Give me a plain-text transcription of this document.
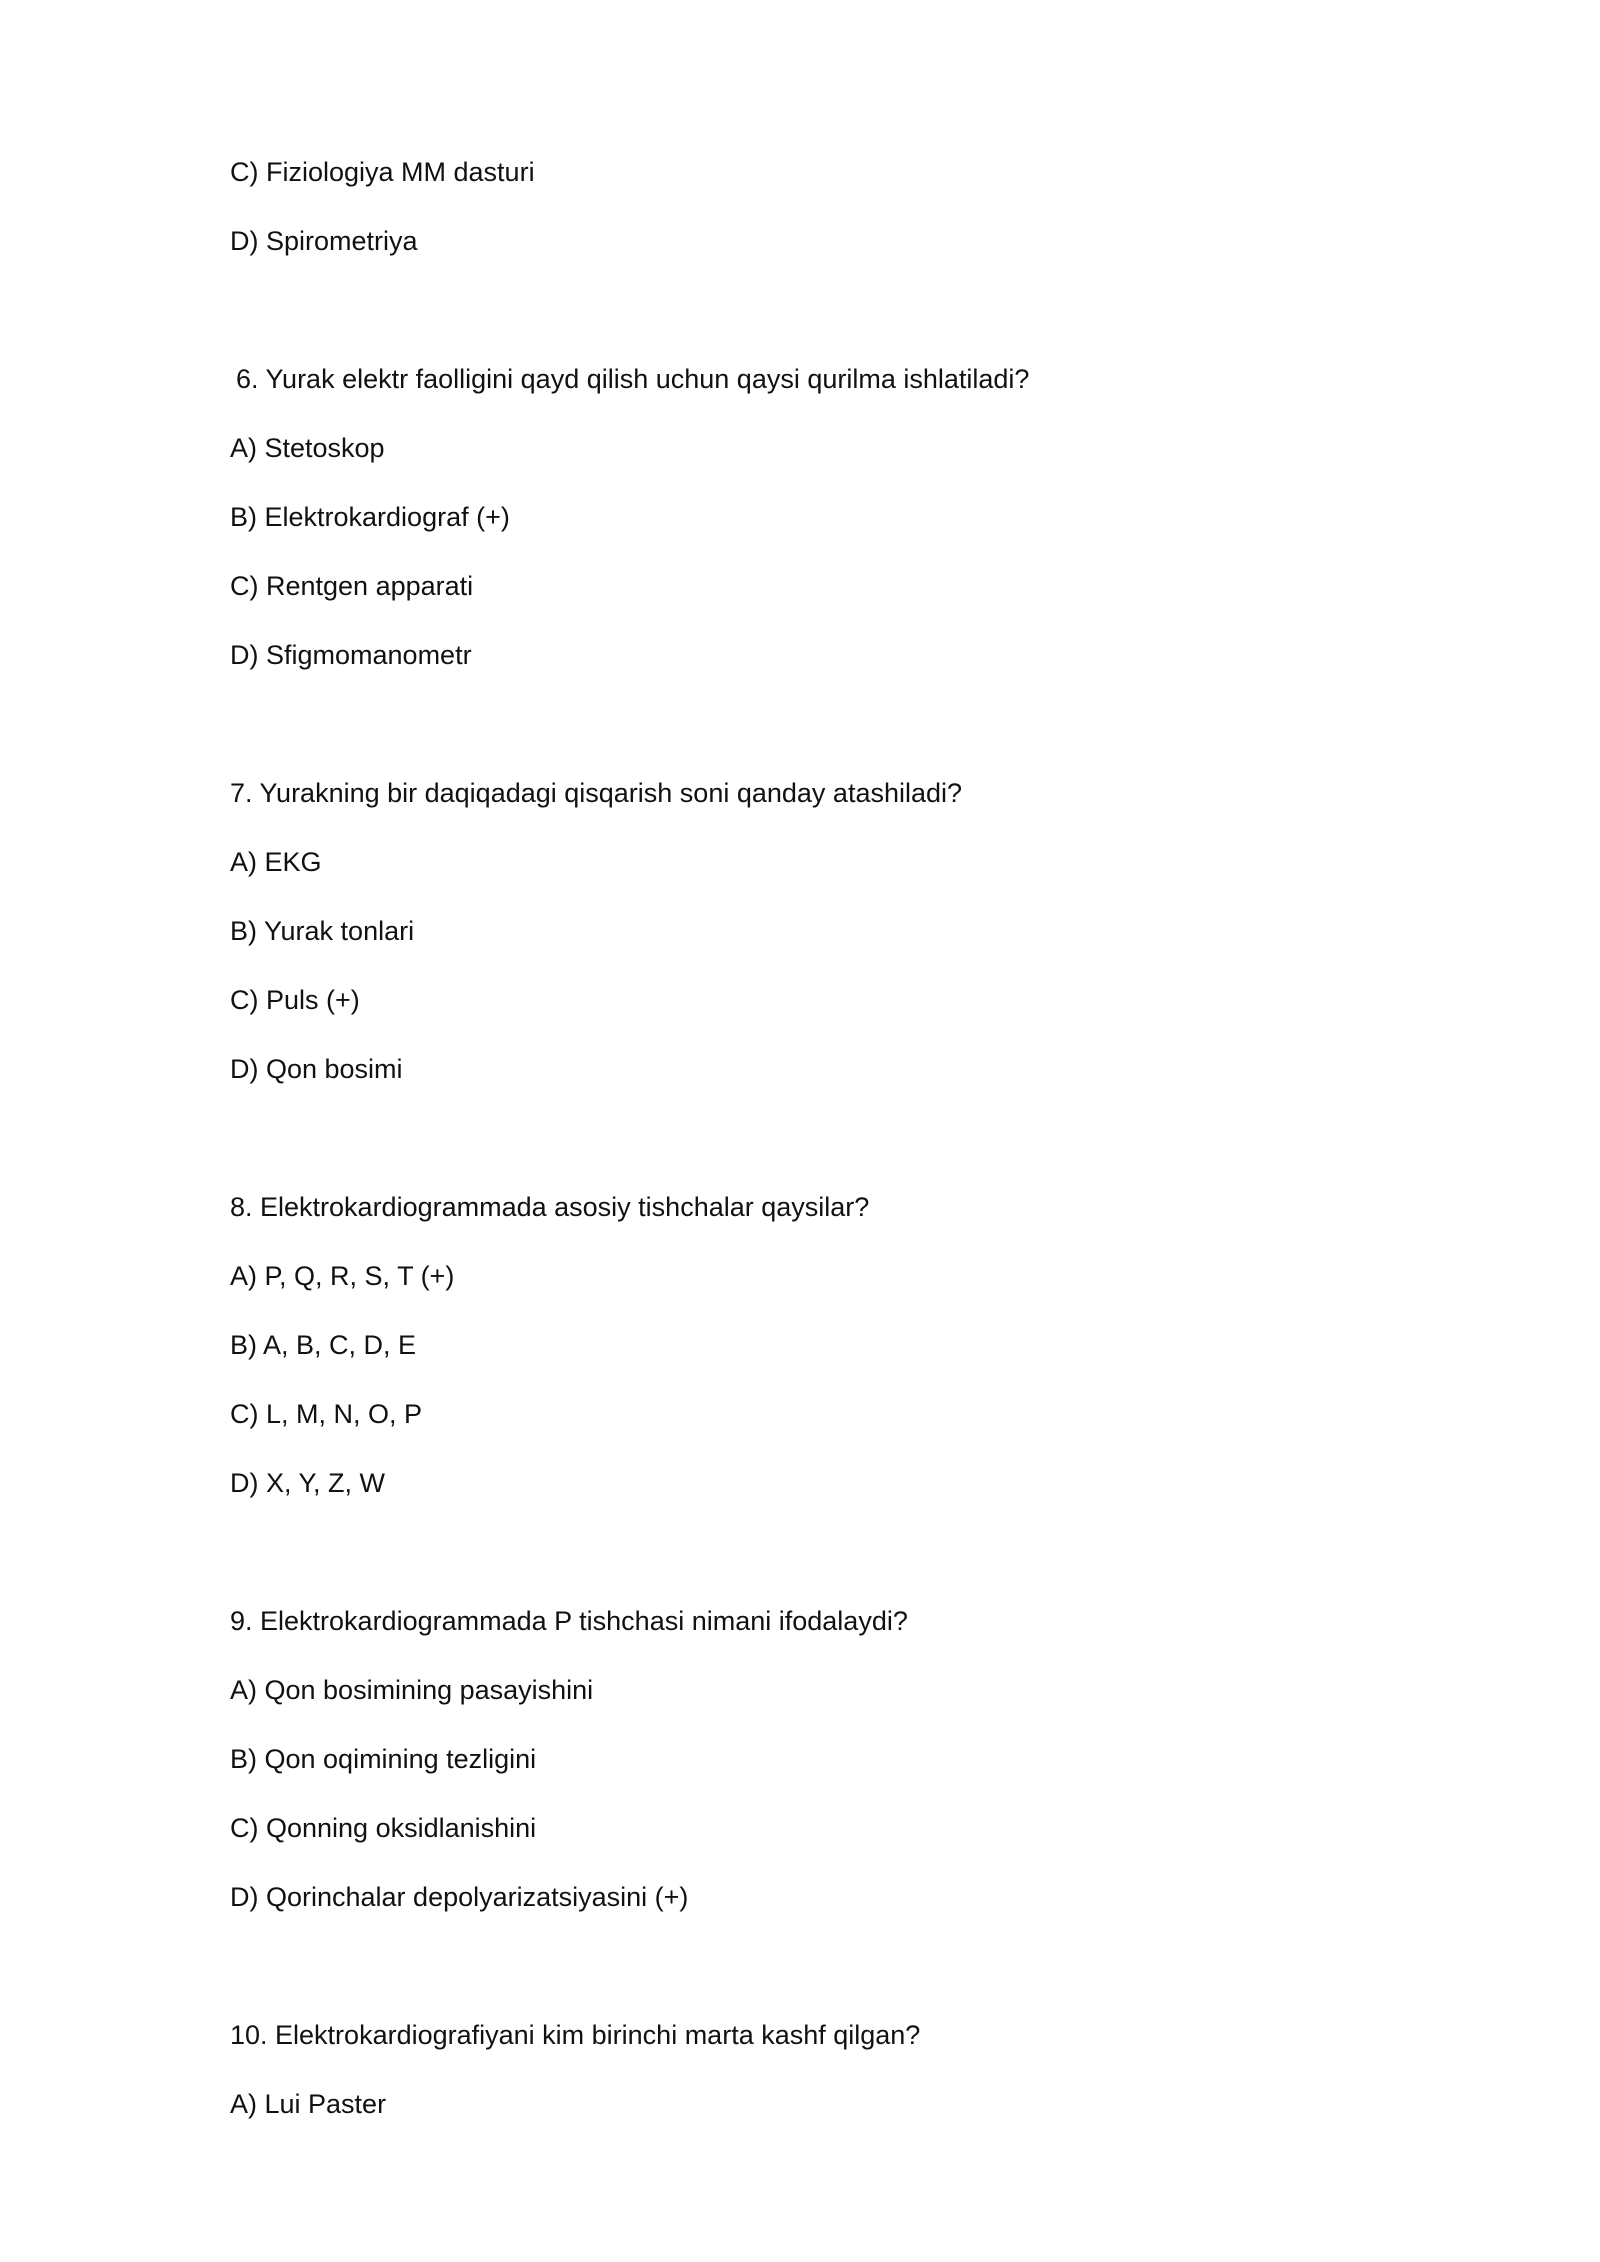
C) Fiziologiya MM dasturi
D) Spirometriya
6. Yurak elektr faolligini qayd qilish uchun qaysi qurilma ishlatiladi?
A) Stetoskop
B) Elektrokardiograf (+)
C) Rentgen apparati
D) Sfigmomanometr
7. Yurakning bir daqiqadagi qisqarish soni qanday atashiladi?
A) EKG
B) Yurak tonlari
C) Puls (+)
D) Qon bosimi
8. Elektrokardiogrammada asosiy tishchalar qaysilar?
A) P, Q, R, S, T (+)
B) A, B, C, D, E
C) L, M, N, O, P
D) X, Y, Z, W
9. Elektrokardiogrammada P tishchasi nimani ifodalaydi?
A) Qon bosimining pasayishini
B) Qon oqimining tezligini
C) Qonning oksidlanishini
D) Qorinchalar depolyarizatsiyasini (+)
10. Elektrokardiografiyani kim birinchi marta kashf qilgan?
A) Lui Paster
